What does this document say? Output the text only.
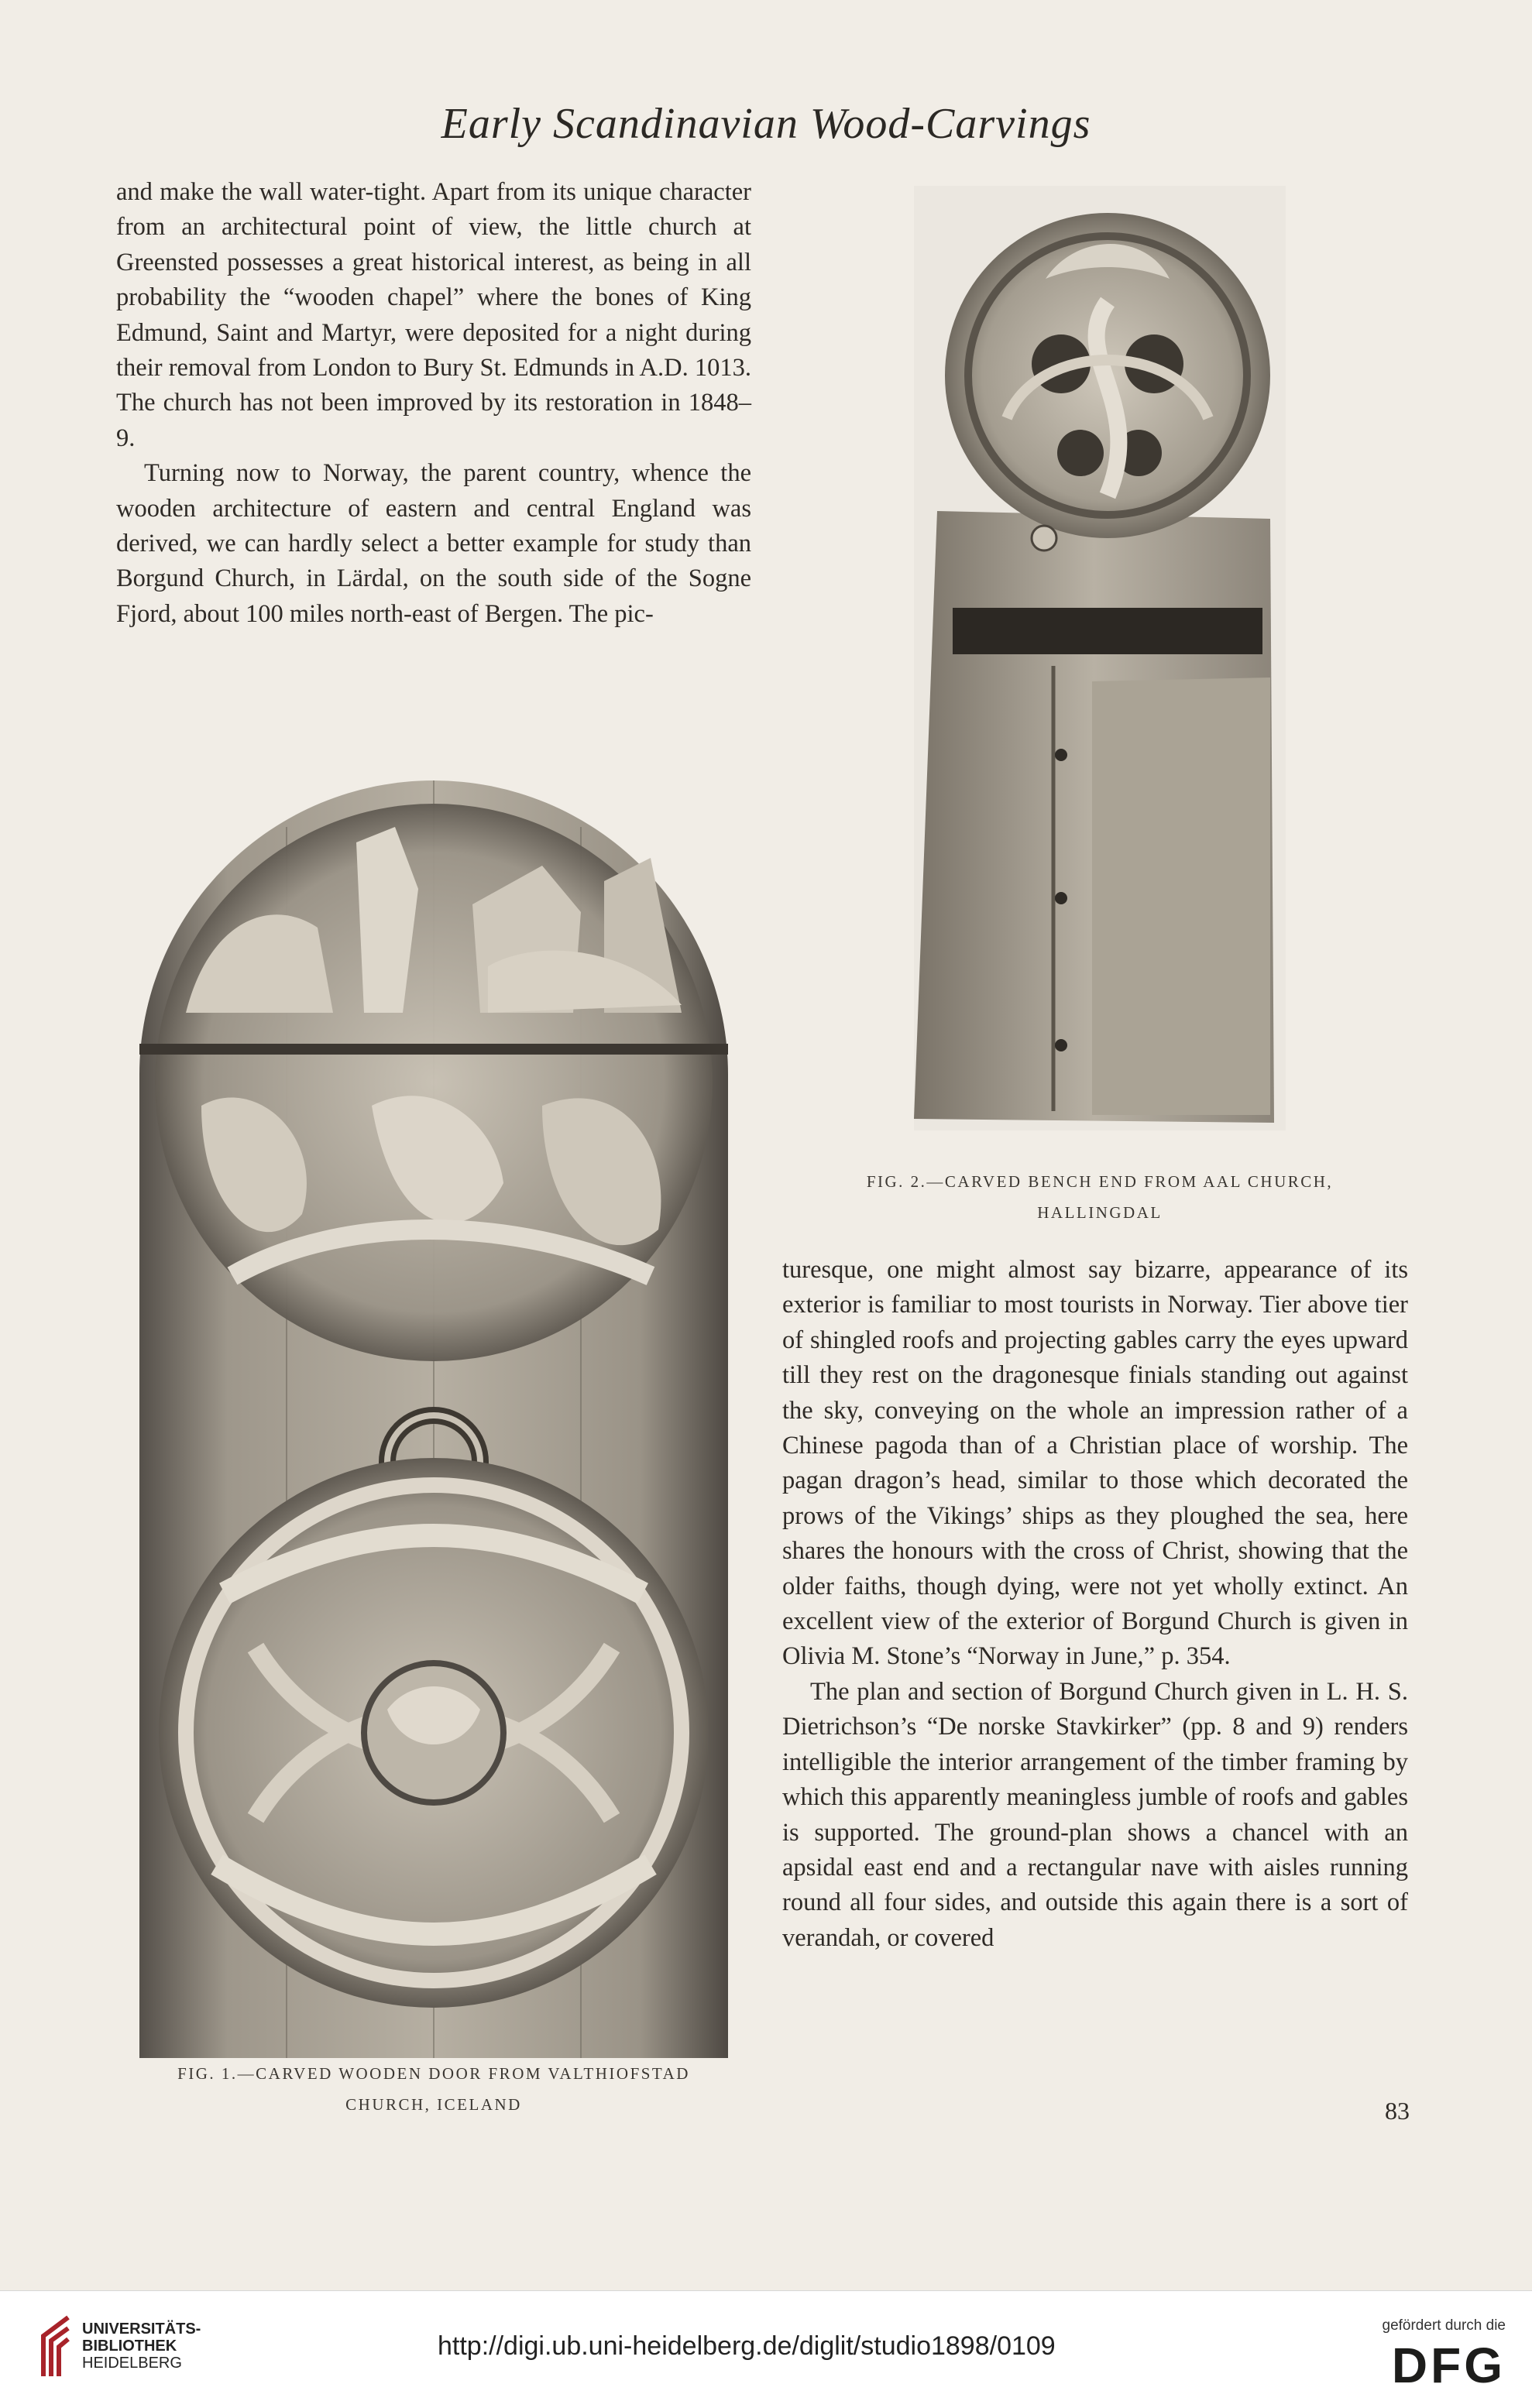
Early Scandinavian Wood-Carvings

and make the wall water-tight. Apart from its unique character from an architectural point of view, the little church at Greensted possesses a great historical interest, as being in all probability the “wooden chapel” where the bones of King Edmund, Saint and Martyr, were deposited for a night during their removal from London to Bury St. Edmunds in A.D. 1013. The church has not been improved by its restoration in 1848–9.

Turning now to Norway, the parent country, whence the wooden architecture of eastern and central England was derived, we can hardly select a better example for study than Borgund Church, in Lärdal, on the south side of the Sogne Fjord, about 100 miles north-east of Bergen. The pic-

FIG. 2.—CARVED BENCH END FROM AAL CHURCH,
HALLINGDAL
FIG. 1.—CARVED WOODEN DOOR FROM VALTHIOFSTAD
CHURCH, ICELAND

turesque, one might almost say bizarre, appearance of its exterior is familiar to most tourists in Norway. Tier above tier of shingled roofs and projecting gables carry the eyes upward till they rest on the dragonesque finials standing out against the sky, conveying on the whole an impression rather of a Chinese pagoda than of a Christian place of worship. The pagan dragon’s head, similar to those which decorated the prows of the Vikings’ ships as they ploughed the sea, here shares the honours with the cross of Christ, showing that the older faiths, though dying, were not yet wholly extinct. An excellent view of the exterior of Borgund Church is given in Olivia M. Stone’s “Norway in June,” p. 354.

The plan and section of Borgund Church given in L. H. S. Dietrichson’s “De norske Stavkirker” (pp. 8 and 9) renders intelligible the interior arrangement of the timber framing by which this apparently meaningless jumble of roofs and gables is supported. The ground-plan shows a chancel with an apsidal east end and a rectangular nave with aisles running round all four sides, and outside this again there is a sort of verandah, or covered

83
UNIVERSITÄTS-
BIBLIOTHEK
HEIDELBERG
http://digi.ub.uni-heidelberg.de/diglit/studio1898/0109
gefördert durch die
DFG
